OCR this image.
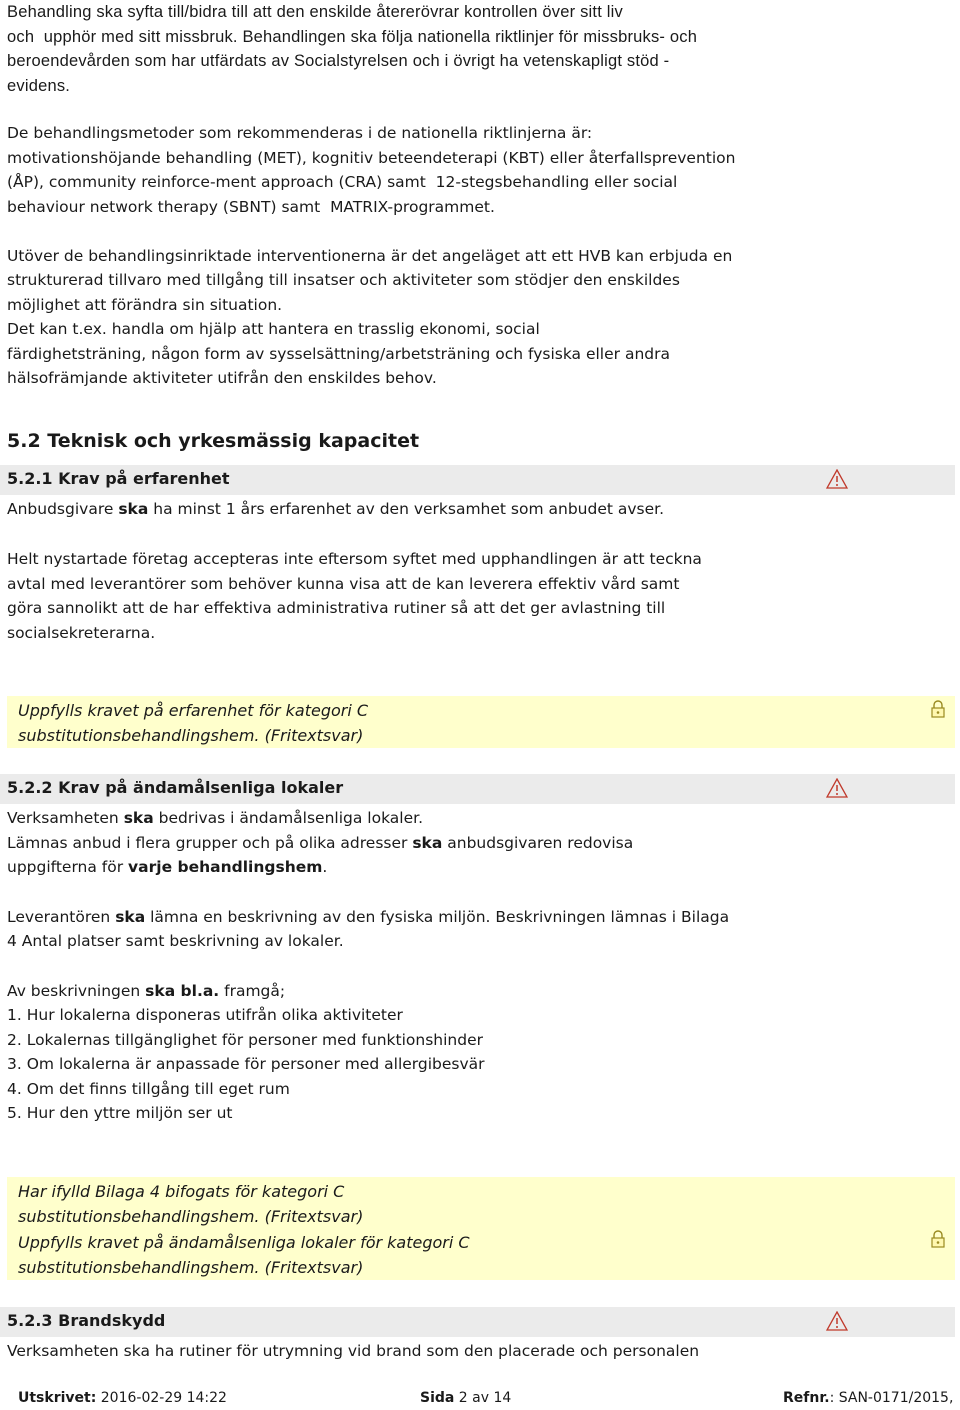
Behandling ska syfta till/bidra till att den enskilde återerövrar kontrollen över sitt liv

och  upphör med sitt missbruk. Behandlingen ska följa nationella riktlinjer för missbruks- och

beroendevården som har utfärdats av Socialstyrelsen och i övrigt ha vetenskapligt stöd -

evidens.

De behandlingsmetoder som rekommenderas i de nationella riktlinjerna är:

motivationshöjande behandling (MET), kognitiv beteendeterapi (KBT) eller återfallsprevention

(ÅP), community reinforce-ment approach (CRA) samt  12-stegsbehandling eller social

behaviour network therapy (SBNT) samt  MATRIX-programmet.

Utöver de behandlingsinriktade interventionerna är det angeläget att ett HVB kan erbjuda en

strukturerad tillvaro med tillgång till insatser och aktiviteter som stödjer den enskildes

möjlighet att förändra sin situation.

Det kan t.ex. handla om hjälp att hantera en trasslig ekonomi, social

färdighetsträning, någon form av sysselsättning/arbetsträning och fysiska eller andra

hälsofrämjande aktiviteter utifrån den enskildes behov.

5.2 Teknisk och yrkesmässig kapacitet
5.2.1 Krav på erfarenhet

Anbudsgivare ska ha minst 1 års erfarenhet av den verksamhet som anbudet avser.

Helt nystartade företag accepteras inte eftersom syftet med upphandlingen är att teckna

avtal med leverantörer som behöver kunna visa att de kan leverera effektiv vård samt

göra sannolikt att de har effektiva administrativa rutiner så att det ger avlastning till

socialsekreterarna.

Uppfylls kravet på erfarenhet för kategori C
substitutionsbehandlingshem. (Fritextsvar)
5.2.2 Krav på ändamålsenliga lokaler

Verksamheten ska bedrivas i ändamålsenliga lokaler.

Lämnas anbud i flera grupper och på olika adresser ska anbudsgivaren redovisa

uppgifterna för varje behandlingshem.

Leverantören ska lämna en beskrivning av den fysiska miljön. Beskrivningen lämnas i Bilaga

4 Antal platser samt beskrivning av lokaler.

Av beskrivningen ska bl.a. framgå;

1. Hur lokalerna disponeras utifrån olika aktiviteter

2. Lokalernas tillgänglighet för personer med funktionshinder

3. Om lokalerna är anpassade för personer med allergibesvär

4. Om det finns tillgång till eget rum

5. Hur den yttre miljön ser ut

Har ifylld Bilaga 4 bifogats för kategori C
substitutionsbehandlingshem. (Fritextsvar)
Uppfylls kravet på ändamålsenliga lokaler för kategori C
substitutionsbehandlingshem. (Fritextsvar)
5.2.3 Brandskydd

Verksamheten ska ha rutiner för utrymning vid brand som den placerade och personalen

Utskrivet: 2016-02-29 14:22	Sida 2 av 14	Refnr.: SAN-0171/2015,
